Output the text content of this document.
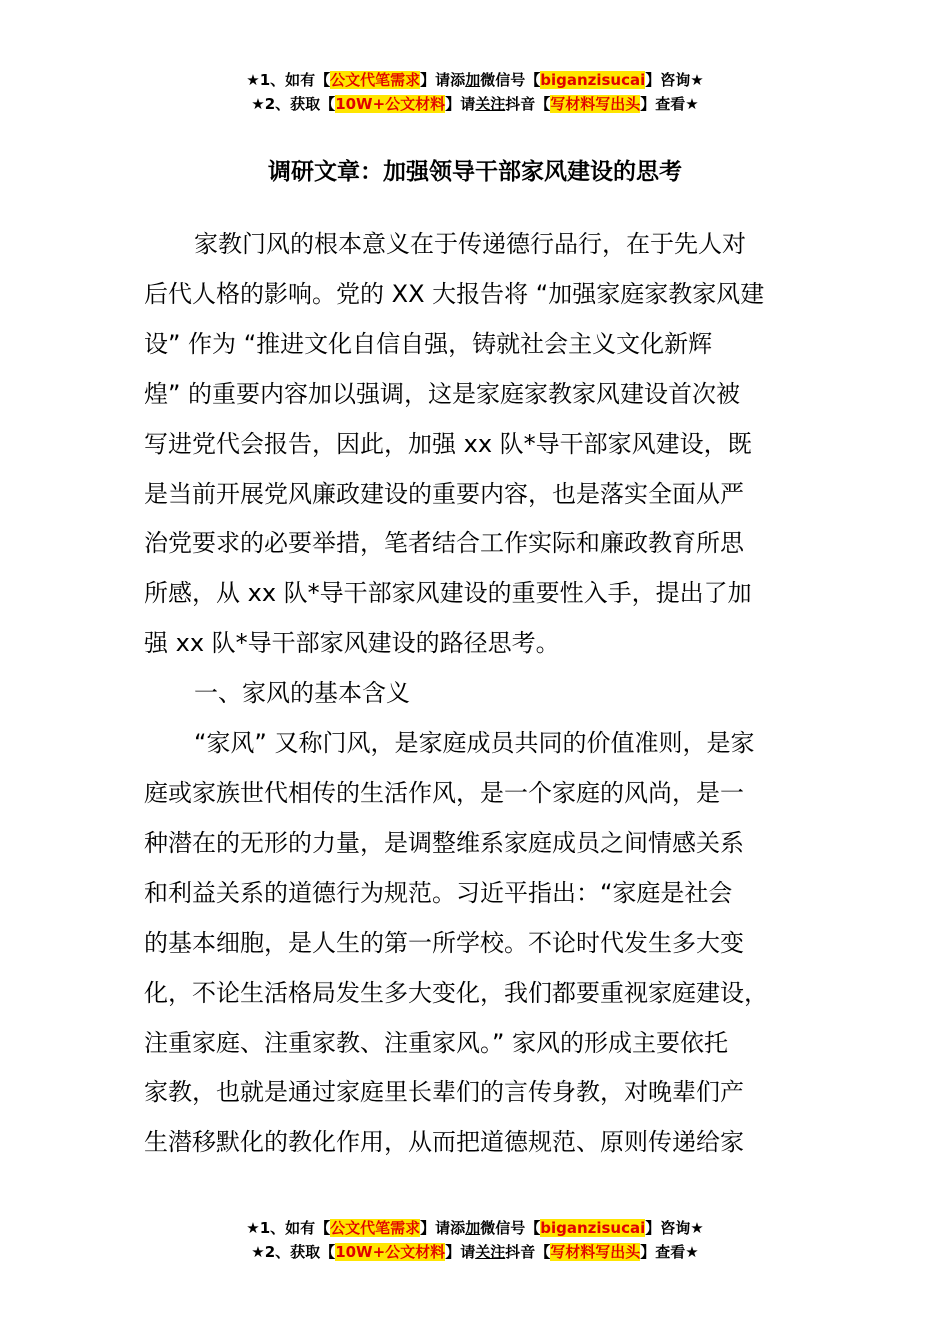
★1、如有【公文代笔需求】请添加微信号【biganzisucai】咨询★
★2、获取【10W+公文材料】请关注抖音【写材料写出头】查看★
调研文章：加强领导干部家风建设的思考

家教门风的根本意义在于传递德行品行，在于先人对

后代人格的影响。党的 XX 大报告将 “加强家庭家教家风建

设” 作为 “推进文化自信自强，铸就社会主义文化新辉

煌” 的重要内容加以强调，这是家庭家教家风建设首次被

写进党代会报告，因此，加强 xx 队*导干部家风建设，既

是当前开展党风廉政建设的重要内容，也是落实全面从严

治党要求的必要举措，笔者结合工作实际和廉政教育所思

所感，从 xx 队*导干部家风建设的重要性入手，提出了加

强 xx 队*导干部家风建设的路径思考。

一、家风的基本含义

“家风” 又称门风，是家庭成员共同的价值准则，是家

庭或家族世代相传的生活作风，是一个家庭的风尚，是一

种潜在的无形的力量，是调整维系家庭成员之间情感关系

和利益关系的道德行为规范。习近平指出：“家庭是社会

的基本细胞，是人生的第一所学校。不论时代发生多大变

化，不论生活格局发生多大变化，我们都要重视家庭建设，

注重家庭、注重家教、注重家风。” 家风的形成主要依托

家教，也就是通过家庭里长辈们的言传身教，对晚辈们产

生潜移默化的教化作用，从而把道德规范、原则传递给家

★1、如有【公文代笔需求】请添加微信号【biganzisucai】咨询★
★2、获取【10W+公文材料】请关注抖音【写材料写出头】查看★
